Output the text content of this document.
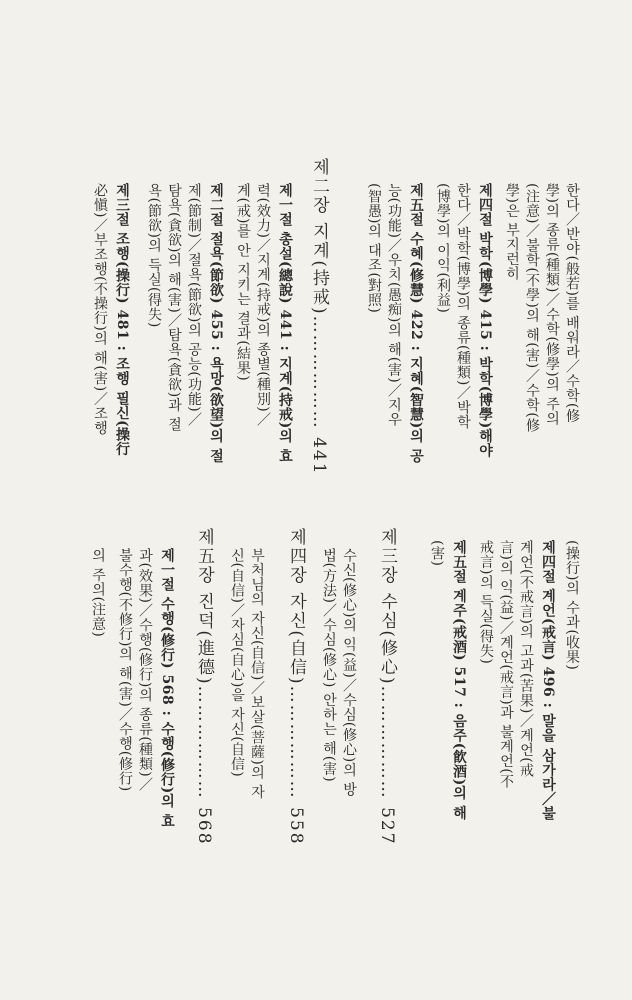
한다／반야(般若)를 배워라／수학(修
學)의 종류(種類)／수학(修學)의 주의
(注意)／불학(不學)의 해(害)／수학(修
學)은 부지런히
제四절 박학(博學) 415 : 박학(博學)해야
한다／박학(博學)의 종류(種類)／박학
(博學)의 이익(利益)
제五절 수혜(修慧) 422 : 지혜(智慧)의 공
능(功能)／우치(愚痴)의 해(害)／지우
(智愚)의 대조(對照)
제二장 지계(持戒)……………… 441
제一절 총설(總說) 441 : 지계(持戒)의 효
력(效力)／지계(持戒)의 종별(種別)／
계(戒)를 안 지키는 결과(結果)
제二절 절욕(節欲) 455 : 욕망(欲望)의 절
제(節制)／절욕(節欲)의 공능(功能)／
탐욕(貪欲)의 해(害)／탐욕(貪欲)과 절
욕(節欲)의 득실(得失)
제三절 조행(操行) 481 : 조행 필신(操行
必愼)／부조행(不操行)의 해(害)／조행
(操行)의 수과(收果)
제四절 계언(戒言) 496 : 말을 삼가라／불
계언(不戒言)의 고과(苦果)／계언(戒
言)의 익(益)／계언(戒言)과 불계언(不
戒言)의 득실(得失)
제五절 계주(戒酒) 517 : 음주(飮酒)의 해
(害)
제三장 수심(修心)……………… 527
수신(修心)의 익(益)／수심(修心)의 방
법(方法)／수심(修心) 안하는 해(害)
제四장 자신(自信)……………… 558
부처님의 자신(自信)／보살(菩薩)의 자
신(自信)／자심(自心)을 자신(自信)
제五장 진덕(進德)……………… 568
제一절 수행(修行) 568 : 수행(修行)의 효
과(效果)／수행(修行)의 종류(種類)／
불수행(不修行)의 해(害)／수행(修行)
의 주의(注意)
